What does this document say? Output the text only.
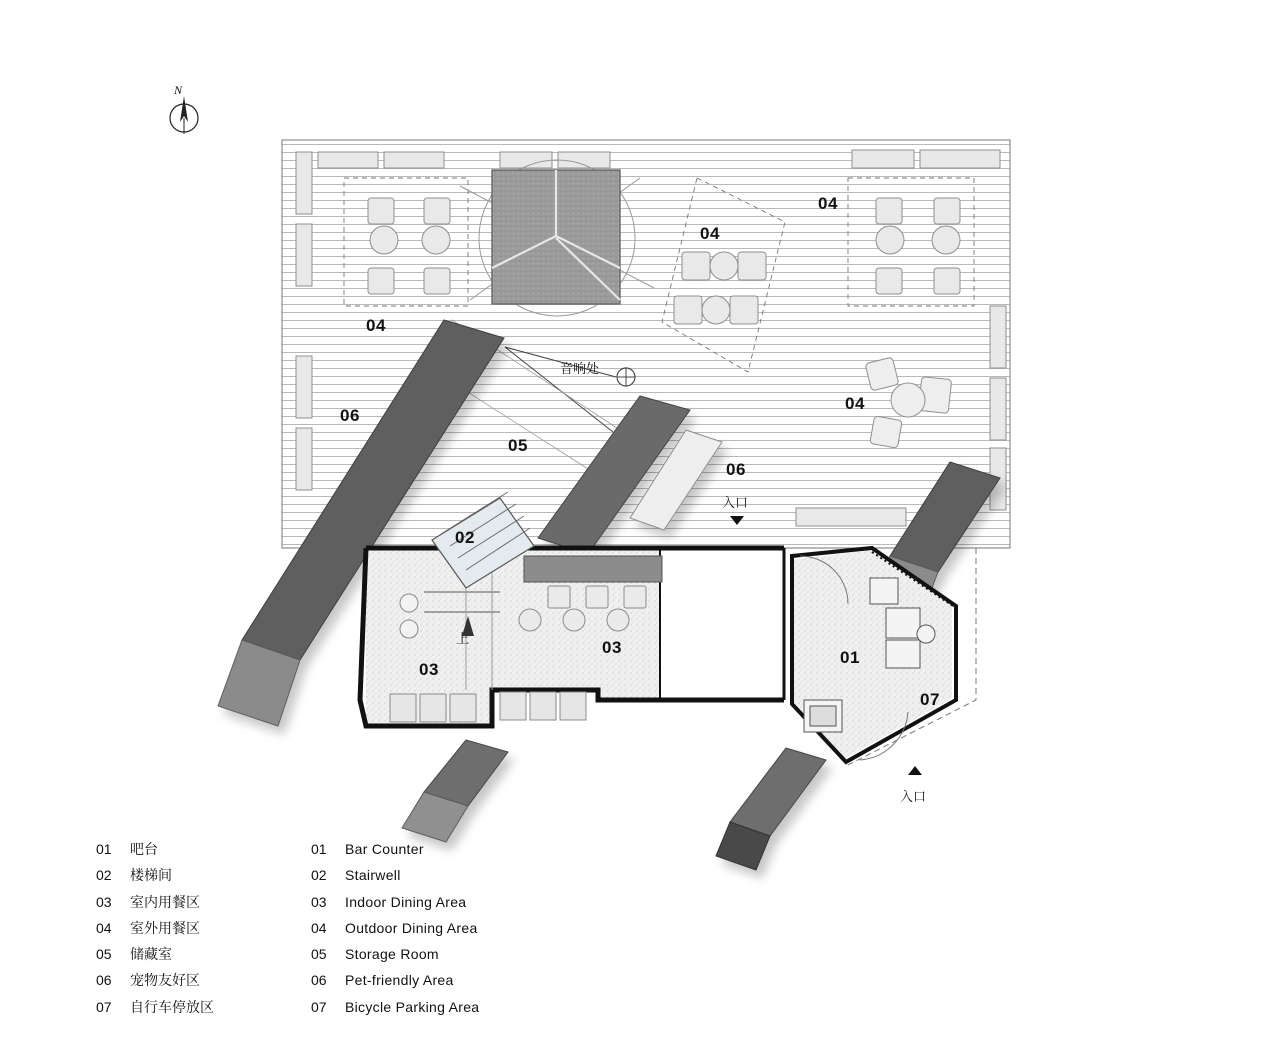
N
04
04
04
04
06
05
06
02
03
03
01
07
音响处
上
入口
入口
01	吧台	01	Bar Counter
02	楼梯间	02	Stairwell
03	室内用餐区	03	Indoor Dining Area
04	室外用餐区	04	Outdoor Dining Area
05	储藏室	05	Storage Room
06	宠物友好区	06	Pet-friendly Area
07	自行车停放区	07	Bicycle Parking Area
